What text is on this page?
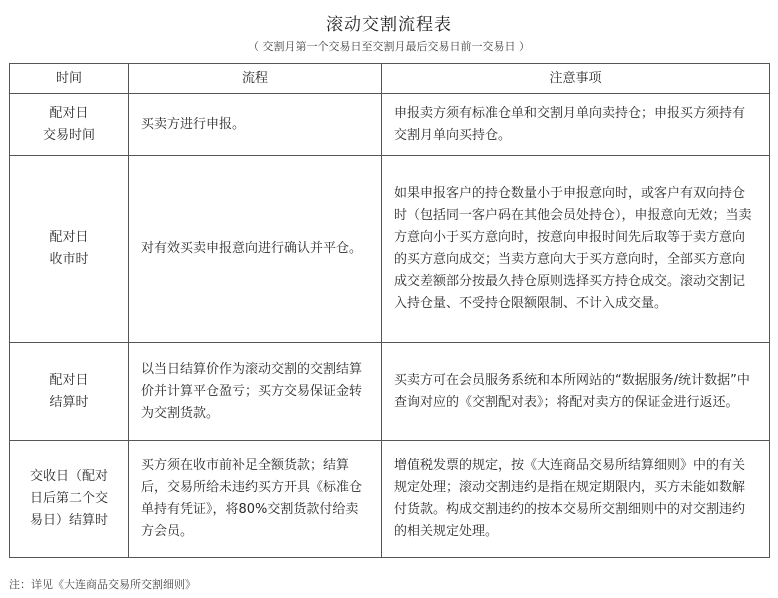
滚动交割流程表
（ 交割月第一个交易日至交割月最后交易日前一交易日 ）
时间	流程	注意事项

配对日
交易时间	买卖方进行申报。	申报卖方须有标准仓单和交割月单向卖持仓；申报买方须持有交割月单向买持仓。

配对日
收市时	对有效买卖申报意向进行确认并平仓。	如果申报客户的持仓数量小于申报意向时，或客户有双向持仓时（包括同一客户码在其他会员处持仓），申报意向无效；当卖方意向小于买方意向时，按意向申报时间先后取等于卖方意向的买方意向成交；当卖方意向大于买方意向时，全部买方意向成交差额部分按最久持仓原则选择买方持仓成交。滚动交割记入持仓量、不受持仓限额限制、不计入成交量。

配对日
结算时	以当日结算价作为滚动交割的交割结算价并计算平仓盈亏；买方交易保证金转为交割货款。	买卖方可在会员服务系统和本所网站的“数据服务/统计数据”中查询对应的《交割配对表》；将配对卖方的保证金进行返还。

交收日（配对
日后第二个交
易日）结算时	买方须在收市前补足全额货款；结算后，交易所给未违约买方开具《标准仓单持有凭证》，将80%交割货款付给卖方会员。	增值税发票的规定，按《大连商品交易所结算细则》中的有关规定处理；滚动交割违约是指在规定期限内，买方未能如数解付货款。构成交割违约的按本交易所交割细则中的对交割违约的相关规定处理。
注：详见《大连商品交易所交割细则》
